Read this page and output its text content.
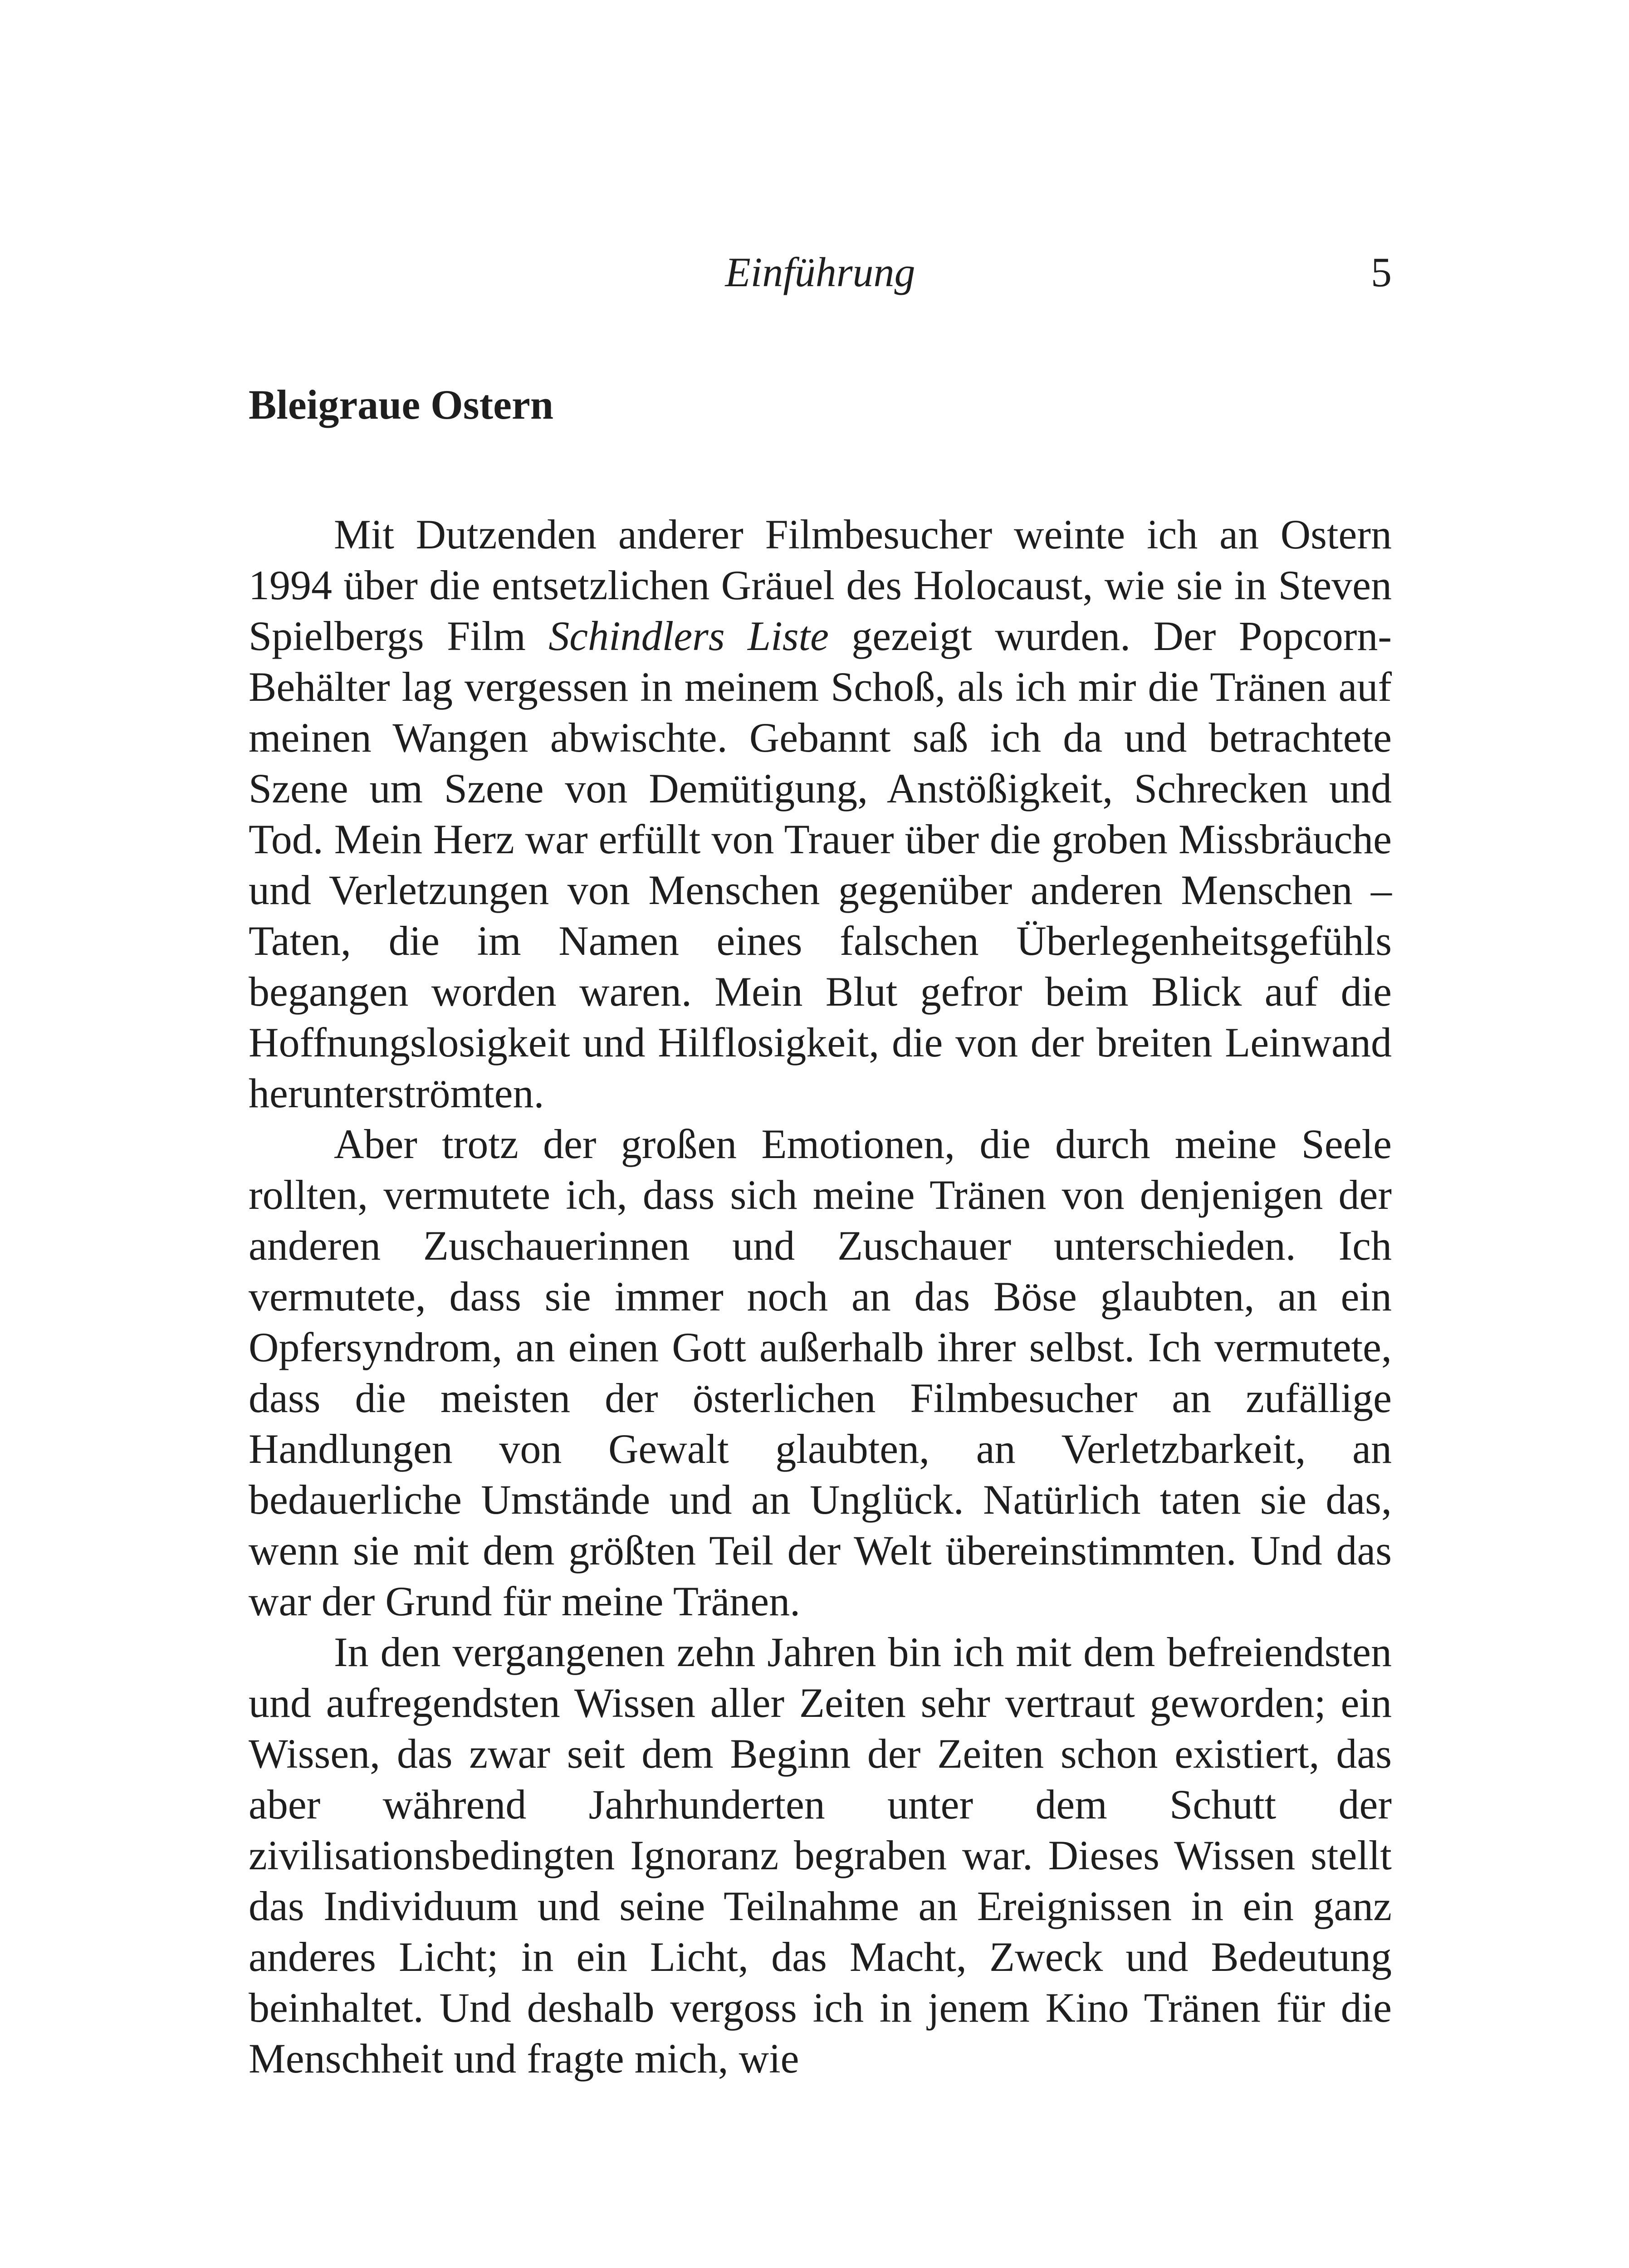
Einführung	5
Bleigraue Ostern

Mit Dutzenden anderer Filmbesucher weinte ich an Ostern 1994 über die entsetzlichen Gräuel des Holocaust, wie sie in Steven Spielbergs Film Schindlers Liste gezeigt wurden. Der Popcorn-Behälter lag vergessen in meinem Schoß, als ich mir die Tränen auf meinen Wangen abwischte. Gebannt saß ich da und betrachtete Szene um Szene von Demütigung, Anstößigkeit, Schrecken und Tod. Mein Herz war erfüllt von Trauer über die groben Missbräuche und Verletzungen von Menschen gegenüber anderen Menschen – Taten, die im Namen eines falschen Überlegenheitsgefühls begangen worden waren. Mein Blut gefror beim Blick auf die Hoffnungslosigkeit und Hilflosigkeit, die von der breiten Leinwand herunterströmten.

Aber trotz der großen Emotionen, die durch meine Seele rollten, vermutete ich, dass sich meine Tränen von denjenigen der anderen Zuschauerinnen und Zuschauer unterschieden. Ich vermutete, dass sie immer noch an das Böse glaubten, an ein Opfersyndrom, an einen Gott außerhalb ihrer selbst. Ich vermutete, dass die meisten der österlichen Filmbesucher an zufällige Handlungen von Gewalt glaubten, an Verletzbarkeit, an bedauerliche Umstände und an Unglück. Natürlich taten sie das, wenn sie mit dem größten Teil der Welt übereinstimmten. Und das war der Grund für meine Tränen.

In den vergangenen zehn Jahren bin ich mit dem befreiendsten und aufregendsten Wissen aller Zeiten sehr vertraut geworden; ein Wissen, das zwar seit dem Beginn der Zeiten schon existiert, das aber während Jahrhunderten unter dem Schutt der zivilisationsbedingten Ignoranz begraben war. Dieses Wissen stellt das Individuum und seine Teilnahme an Ereignissen in ein ganz anderes Licht; in ein Licht, das Macht, Zweck und Bedeutung beinhaltet. Und deshalb vergoss ich in jenem Kino Tränen für die Menschheit und fragte mich, wie
